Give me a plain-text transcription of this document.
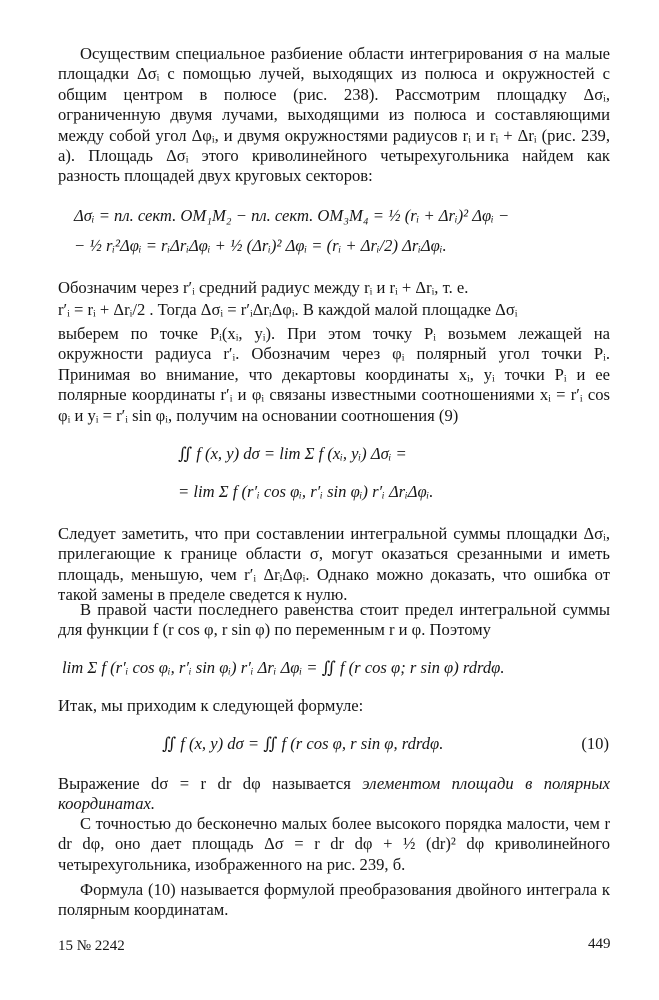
Осуществим специальное разбиение области интегрирования σ на малые площадки Δσᵢ с помощью лучей, выходящих из полюса и окружностей с общим центром в полюсе (рис. 238). Рассмотрим площадку Δσᵢ, ограниченную двумя лучами, выходящими из полюса и составляющими между собой угол Δφᵢ, и двумя окружностями радиусов rᵢ и rᵢ + Δrᵢ (рис. 239, а). Площадь Δσᵢ этого криволинейного четырехугольника найдем как разность площадей двух круговых секторов:

Δσᵢ = пл. сект. OM₁M₂ − пл. сект. OM₃M₄ = ½ (rᵢ + Δrᵢ)² Δφᵢ −
− ½ rᵢ²Δφᵢ = rᵢΔrᵢΔφᵢ + ½ (Δrᵢ)² Δφᵢ = (rᵢ + Δrᵢ/2) ΔrᵢΔφᵢ.

Обозначим через r′ᵢ средний радиус между rᵢ и rᵢ + Δrᵢ, т. е.

r′ᵢ = rᵢ + Δrᵢ/2 . Тогда Δσᵢ = r′ᵢΔrᵢΔφᵢ. В каждой малой площадке Δσᵢ

выберем по точке Pᵢ(xᵢ, yᵢ). При этом точку Pᵢ возьмем лежащей на окружности радиуса r′ᵢ. Обозначим через φᵢ полярный угол точки Pᵢ. Принимая во внимание, что декартовы координаты xᵢ, yᵢ точки Pᵢ и ее полярные координаты r′ᵢ и φᵢ связаны известными соотношениями xᵢ = r′ᵢ cos φᵢ и yᵢ = r′ᵢ sin φᵢ, получим на основании соотношения (9)

∬ f (x, y) dσ = lim Σ f (xᵢ, yᵢ) Δσᵢ =
= lim Σ f (r′ᵢ cos φᵢ, r′ᵢ sin φᵢ) r′ᵢ ΔrᵢΔφᵢ.

Следует заметить, что при составлении интегральной суммы площадки Δσᵢ, прилегающие к границе области σ, могут оказаться срезанными и иметь площадь, меньшую, чем r′ᵢ ΔrᵢΔφᵢ. Однако можно доказать, что ошибка от такой замены в пределе сведется к нулю.

В правой части последнего равенства стоит предел интегральной суммы для функции f (r cos φ, r sin φ) по переменным r и φ. Поэтому

lim Σ f (r′ᵢ cos φᵢ, r′ᵢ sin φᵢ) r′ᵢ Δrᵢ Δφᵢ = ∬ f (r cos φ; r sin φ) rdrdφ.

Итак, мы приходим к следующей формуле:

∬ f (x, y) dσ = ∬ f (r cos φ, r sin φ, rdrdφ.	(10)

Выражение dσ = r dr dφ называется элементом площади в полярных координатах.

С точностью до бесконечно малых более высокого порядка малости, чем r dr dφ, оно дает площадь Δσ = r dr dφ + ½ (dr)² dφ криволинейного четырехугольника, изображенного на рис. 239, б.

Формула (10) называется формулой преобразования двойного интеграла к полярным координатам.

15 № 2242	449
